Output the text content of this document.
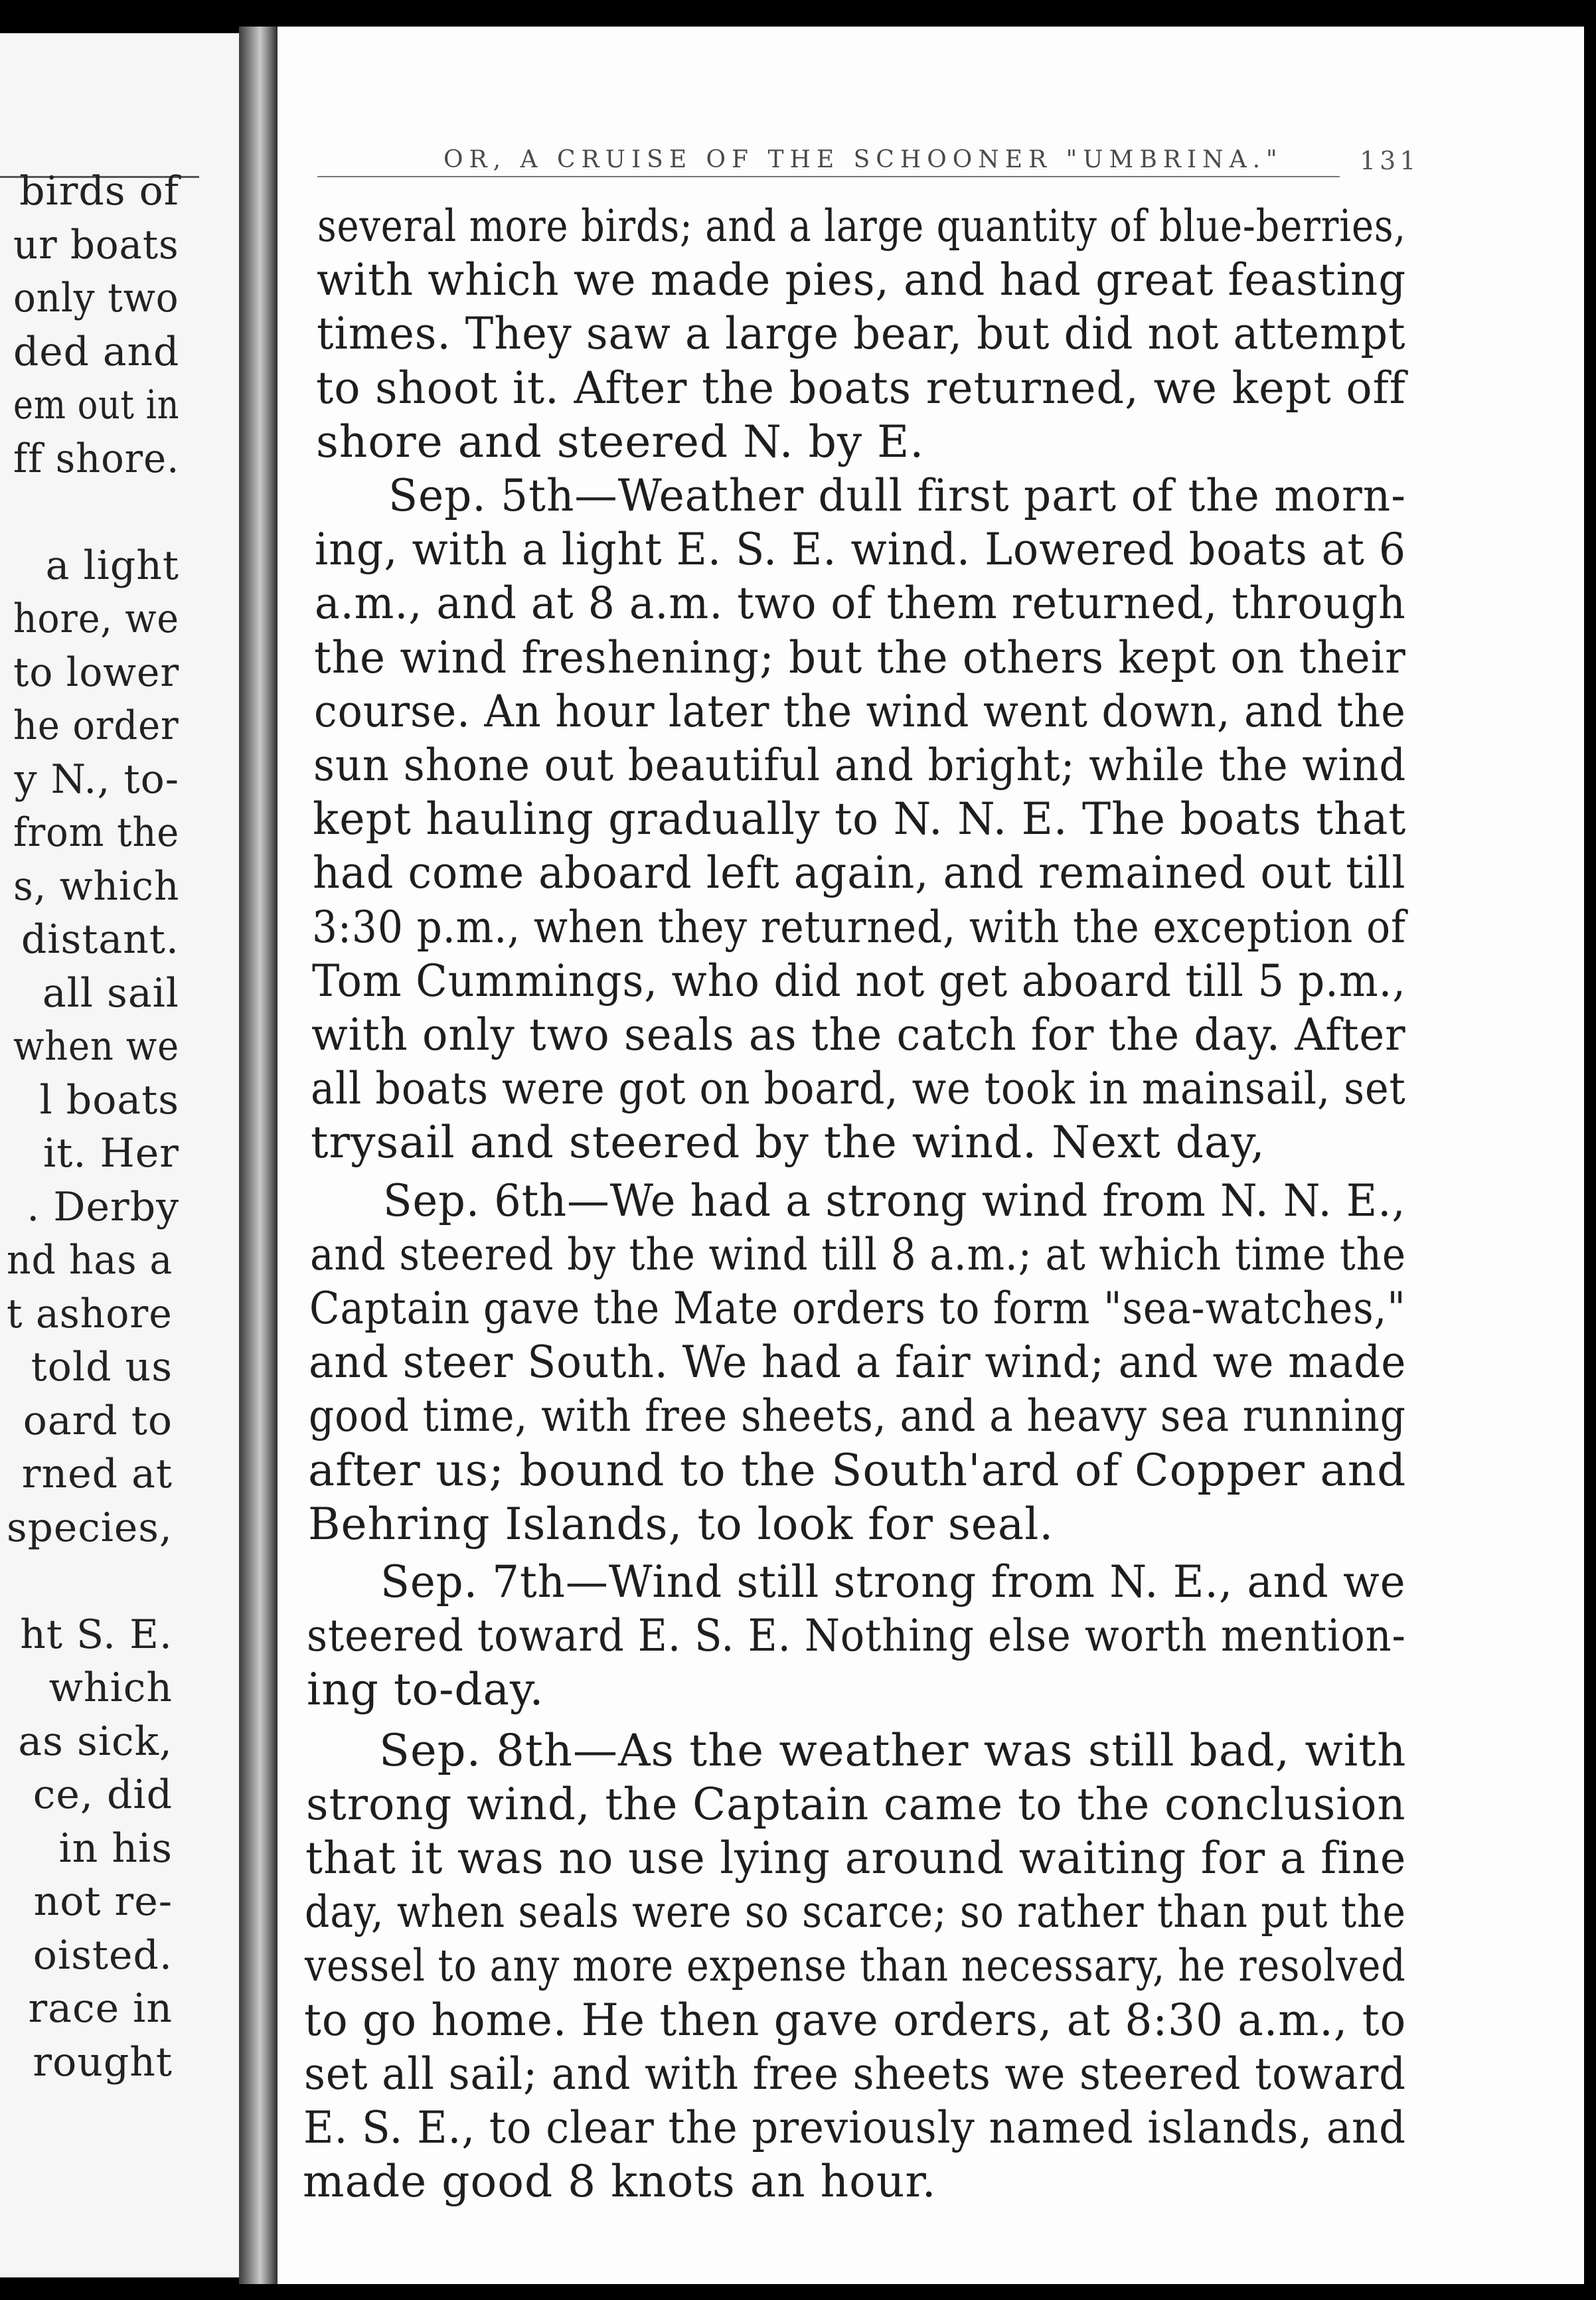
birds of
ur boats
only two
ded and
em out in
ff shore.
a light
hore, we
to lower
he order
y N., to-
from the
s, which
distant.
all sail
when we
l boats
it. Her
. Derby
nd has a
t ashore
told us
oard to
rned at
species,
ht S. E.
which
as sick,
ce, did
in his
not re-
oisted.
race in
rought
OR, A CRUISE OF THE SCHOONER "UMBRINA."	131
several more birds; and a large quantity of blue-berries,
with which we made pies, and had great feasting
times. They saw a large bear, but did not attempt
to shoot it. After the boats returned, we kept off
shore and steered N. by E.
Sep. 5th—Weather dull first part of the morn-
ing, with a light E. S. E. wind. Lowered boats at 6
a.m., and at 8 a.m. two of them returned, through
the wind freshening; but the others kept on their
course. An hour later the wind went down, and the
sun shone out beautiful and bright; while the wind
kept hauling gradually to N. N. E. The boats that
had come aboard left again, and remained out till
3:30 p.m., when they returned, with the exception of
Tom Cummings, who did not get aboard till 5 p.m.,
with only two seals as the catch for the day. After
all boats were got on board, we took in mainsail, set
trysail and steered by the wind. Next day,
Sep. 6th—We had a strong wind from N. N. E.,
and steered by the wind till 8 a.m.; at which time the
Captain gave the Mate orders to form "sea-watches,"
and steer South. We had a fair wind; and we made
good time, with free sheets, and a heavy sea running
after us; bound to the South'ard of Copper and
Behring Islands, to look for seal.
Sep. 7th—Wind still strong from N. E., and we
steered toward E. S. E. Nothing else worth mention-
ing to-day.
Sep. 8th—As the weather was still bad, with
strong wind, the Captain came to the conclusion
that it was no use lying around waiting for a fine
day, when seals were so scarce; so rather than put the
vessel to any more expense than necessary, he resolved
to go home. He then gave orders, at 8:30 a.m., to
set all sail; and with free sheets we steered toward
E. S. E., to clear the previously named islands, and
made good 8 knots an hour.
